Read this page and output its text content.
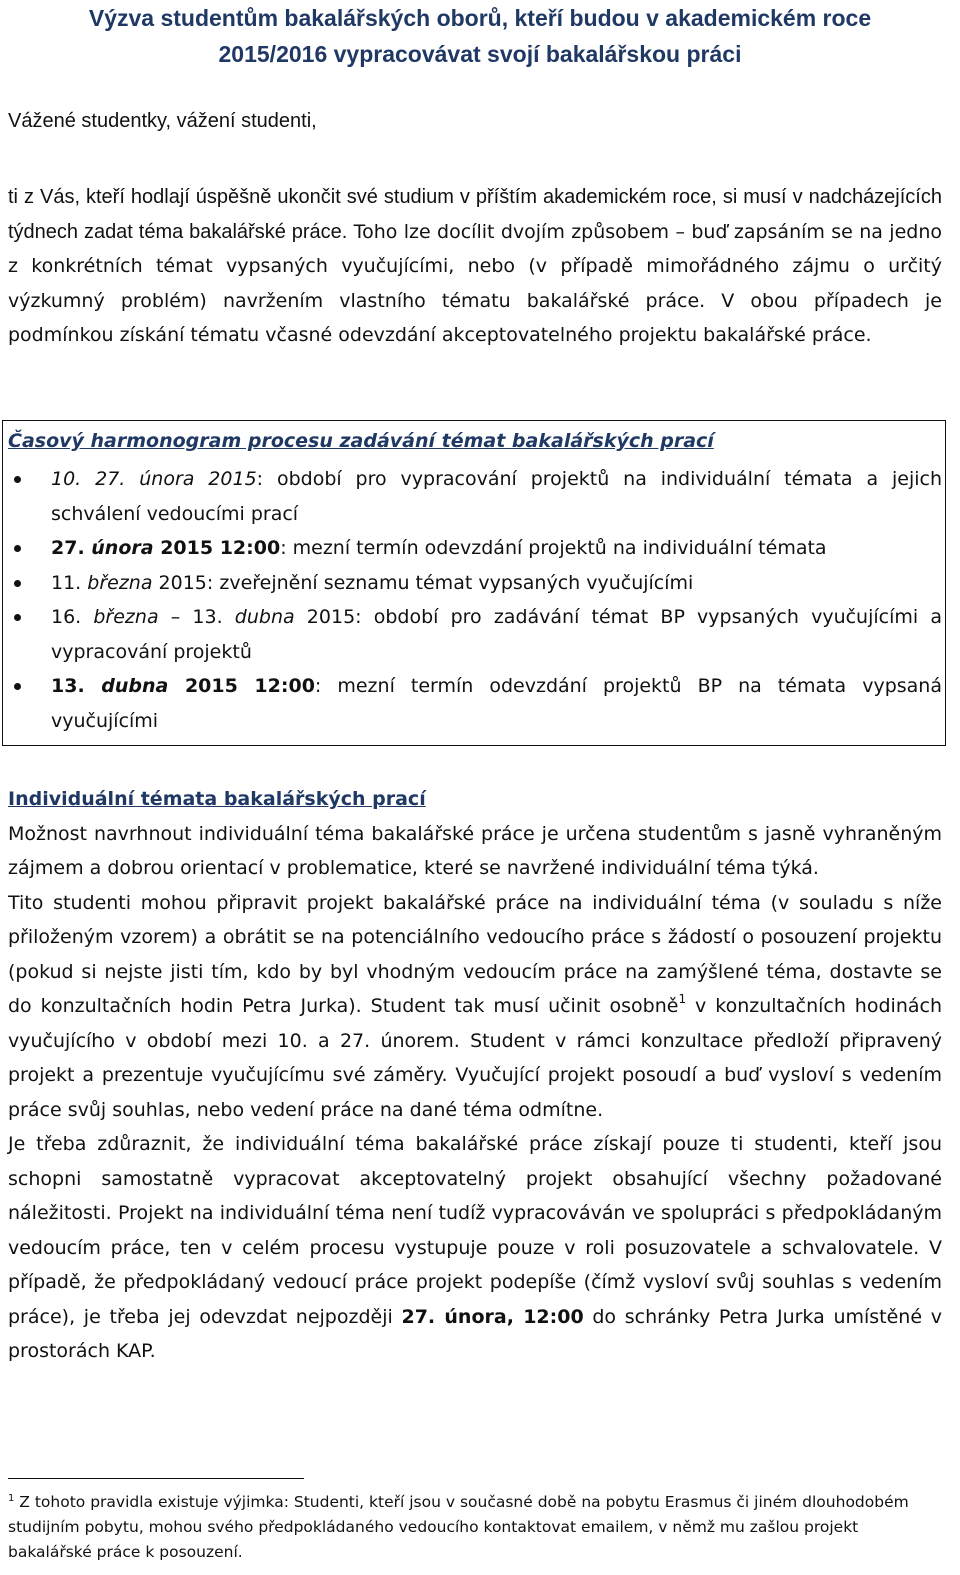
Výzva studentům bakalářských oborů, kteří budou v akademickém roce
2015/2016 vypracovávat svojí bakalářskou práci

Vážené studentky, vážení studenti,

ti z Vás, kteří hodlají úspěšně ukončit své studium v příštím akademickém roce, si musí v nadcházejících týdnech zadat téma bakalářské práce. Toho lze docílit dvojím způsobem – buď zapsáním se na jedno z konkrétních témat vypsaných vyučujícími, nebo (v případě mimořádného zájmu o určitý výzkumný problém) navržením vlastního tématu bakalářské práce. V obou případech je podmínkou získání tématu včasné odevzdání akceptovatelného projektu bakalářské práce.

Časový harmonogram procesu zadávání témat bakalářských prací

10. 27. února 2015: období pro vypracování projektů na individuální témata a jejich schválení vedoucími prací
27. února 2015 12:00: mezní termín odevzdání projektů na individuální témata
11. března 2015: zveřejnění seznamu témat vypsaných vyučujícími
16. března – 13. dubna 2015: období pro zadávání témat BP vypsaných vyučujícími a vypracování projektů
13. dubna 2015 12:00: mezní termín odevzdání projektů BP na témata vypsaná vyučujícími

Individuální témata bakalářských prací

Možnost navrhnout individuální téma bakalářské práce je určena studentům s jasně vyhraněným zájmem a dobrou orientací v problematice, které se navržené individuální téma týká.

Tito studenti mohou připravit projekt bakalářské práce na individuální téma (v souladu s níže přiloženým vzorem) a obrátit se na potenciálního vedoucího práce s žádostí o posouzení projektu (pokud si nejste jisti tím, kdo by byl vhodným vedoucím práce na zamýšlené téma, dostavte se do konzultačních hodin Petra Jurka). Student tak musí učinit osobně$^1$ v konzultačních hodinách vyučujícího v období mezi 10. a 27. únorem. Student v rámci konzultace předloží připravený projekt a prezentuje vyučujícímu své záměry. Vyučující projekt posoudí a buď vysloví s vedením práce svůj souhlas, nebo vedení práce na dané téma odmítne.

Je třeba zdůraznit, že individuální téma bakalářské práce získají pouze ti studenti, kteří jsou schopni samostatně vypracovat akceptovatelný projekt obsahující všechny požadované náležitosti. Projekt na individuální téma není tudíž vypracováván ve spolupráci s předpokládaným vedoucím práce, ten v celém procesu vystupuje pouze v roli posuzovatele a schvalovatele. V případě, že předpokládaný vedoucí práce projekt podepíše (čímž vysloví svůj souhlas s vedením práce), je třeba jej odevzdat nejpozději 27. února, 12:00 do schránky Petra Jurka umístěné v prostorách KAP.

$^1$ Z tohoto pravidla existuje výjimka: Studenti, kteří jsou v současné době na pobytu Erasmus či jiném dlouhodobém studijním pobytu, mohou svého předpokládaného vedoucího kontaktovat emailem, v němž mu zašlou projekt bakalářské práce k posouzení.
